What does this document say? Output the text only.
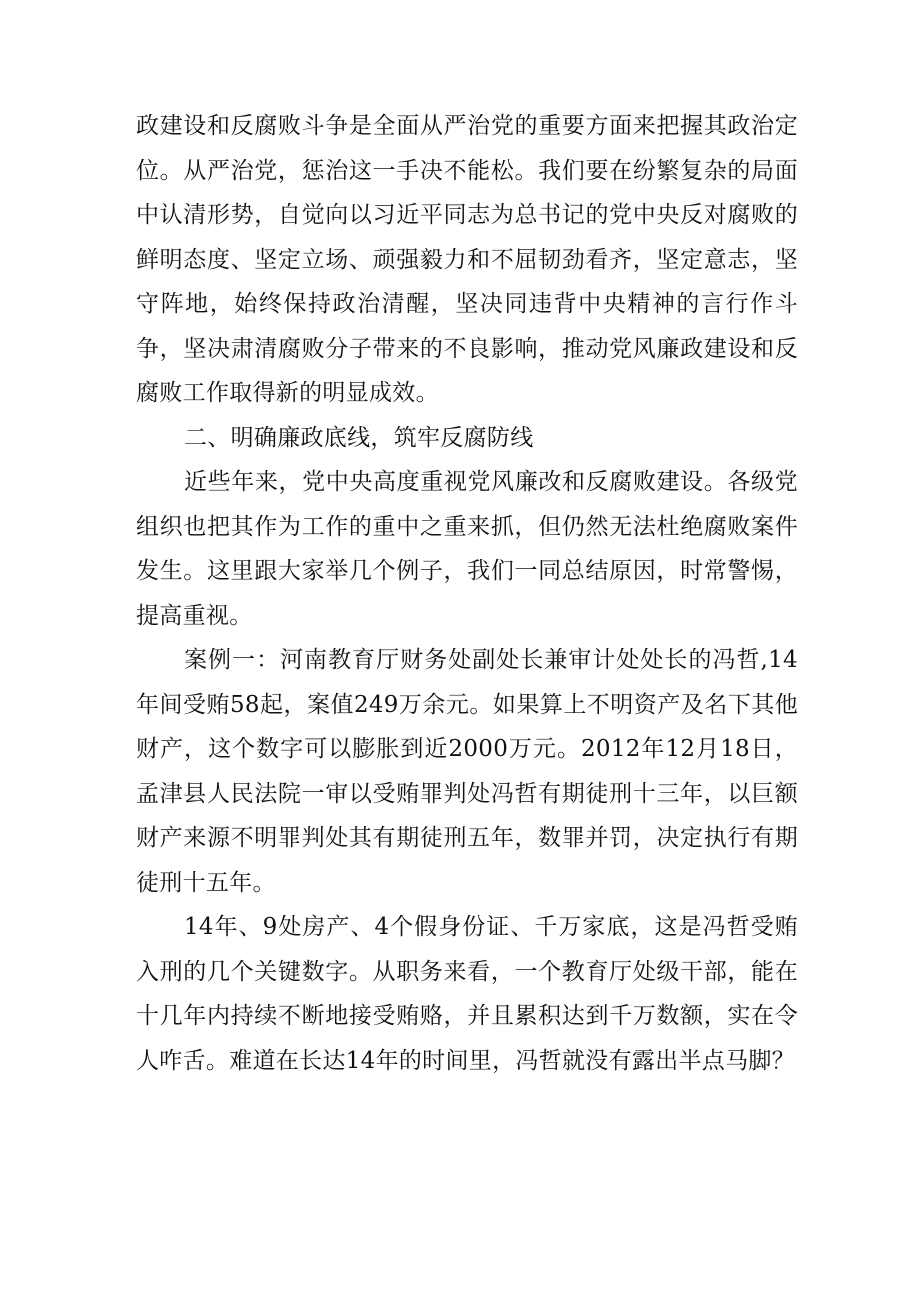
政建设和反腐败斗争是全面从严治党的重要方面来把握其政治定位。从严治党，惩治这一手决不能松。我们要在纷繁复杂的局面中认清形势，自觉向以习近平同志为总书记的党中央反对腐败的鲜明态度、坚定立场、顽强毅力和不屈韧劲看齐，坚定意志，坚守阵地，始终保持政治清醒，坚决同违背中央精神的言行作斗争，坚决肃清腐败分子带来的不良影响，推动党风廉政建设和反腐败工作取得新的明显成效。

二、明确廉政底线，筑牢反腐防线

近些年来，党中央高度重视党风廉改和反腐败建设。各级党组织也把其作为工作的重中之重来抓，但仍然无法杜绝腐败案件发生。这里跟大家举几个例子，我们一同总结原因，时常警惕，提高重视。

案例一：河南教育厅财务处副处长兼审计处处长的冯哲,14年间受贿58起，案值249万余元。如果算上不明资产及名下其他财产，这个数字可以膨胀到近2000万元。2012年12月18日，孟津县人民法院一审以受贿罪判处冯哲有期徒刑十三年，以巨额财产来源不明罪判处其有期徒刑五年，数罪并罚，决定执行有期徒刑十五年。

14年、9处房产、4个假身份证、千万家底，这是冯哲受贿入刑的几个关键数字。从职务来看，一个教育厅处级干部，能在十几年内持续不断地接受贿赂，并且累积达到千万数额，实在令人咋舌。难道在长达14年的时间里，冯哲就没有露出半点马脚？
